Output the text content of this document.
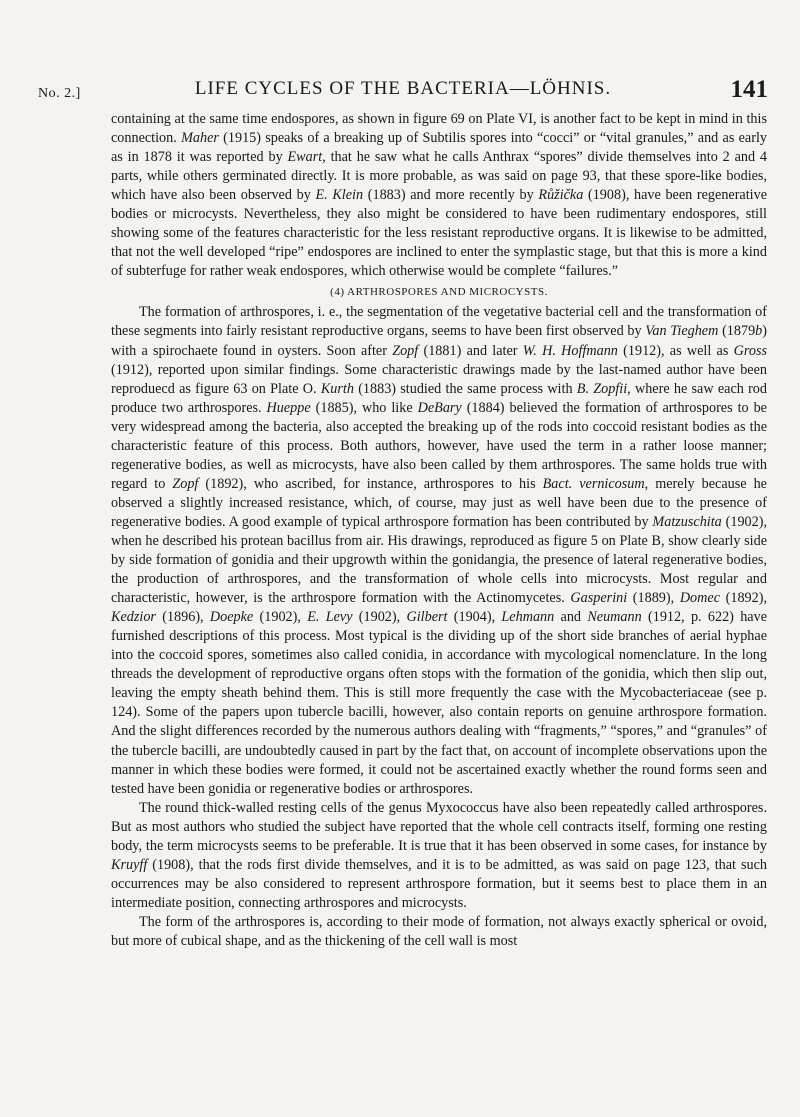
No. 2.]	LIFE CYCLES OF THE BACTERIA—LÖHNIS.	141

containing at the same time endospores, as shown in figure 69 on Plate VI, is another fact to be kept in mind in this connection. Maher (1915) speaks of a breaking up of Subtilis spores into “cocci” or “vital granules,” and as early as in 1878 it was reported by Ewart, that he saw what he calls Anthrax “spores” divide themselves into 2 and 4 parts, while others germinated directly. It is more probable, as was said on page 93, that these spore-like bodies, which have also been observed by E. Klein (1883) and more recently by Růžička (1908), have been regenerative bodies or microcysts. Nevertheless, they also might be considered to have been rudimentary endospores, still showing some of the features characteristic for the less resistant reproductive organs. It is likewise to be admitted, that not the well developed “ripe” endospores are inclined to enter the symplastic stage, but that this is more a kind of subterfuge for rather weak endospores, which otherwise would be complete “failures.”

(4) ARTHROSPORES AND MICROCYSTS.

The formation of arthrospores, i. e., the segmentation of the vegetative bacterial cell and the transformation of these segments into fairly resistant reproductive organs, seems to have been first observed by Van Tieghem (1879b) with a spirochaete found in oysters. Soon after Zopf (1881) and later W. H. Hoffmann (1912), as well as Gross (1912), reported upon similar findings. Some characteristic drawings made by the last-named author have been reproduecd as figure 63 on Plate O. Kurth (1883) studied the same process with B. Zopfii, where he saw each rod produce two arthrospores. Hueppe (1885), who like DeBary (1884) believed the formation of arthrospores to be very widespread among the bacteria, also accepted the breaking up of the rods into coccoid resistant bodies as the characteristic feature of this process. Both authors, however, have used the term in a rather loose manner; regenerative bodies, as well as microcysts, have also been called by them arthrospores. The same holds true with regard to Zopf (1892), who ascribed, for instance, arthrospores to his Bact. vernicosum, merely because he observed a slightly increased resistance, which, of course, may just as well have been due to the presence of regenerative bodies. A good example of typical arthrospore formation has been contributed by Matzuschita (1902), when he described his protean bacillus from air. His drawings, reproduced as figure 5 on Plate B, show clearly side by side formation of gonidia and their upgrowth within the gonidangia, the presence of lateral regenerative bodies, the production of arthrospores, and the transformation of whole cells into microcysts. Most regular and characteristic, however, is the arthrospore formation with the Actinomycetes. Gasperini (1889), Domec (1892), Kedzior (1896), Doepke (1902), E. Levy (1902), Gilbert (1904), Lehmann and Neumann (1912, p. 622) have furnished descriptions of this process. Most typical is the dividing up of the short side branches of aerial hyphae into the coccoid spores, sometimes also called conidia, in accordance with mycological nomenclature. In the long threads the development of reproductive organs often stops with the formation of the gonidia, which then slip out, leaving the empty sheath behind them. This is still more frequently the case with the Mycobacteriaceae (see p. 124). Some of the papers upon tubercle bacilli, however, also contain reports on genuine arthrospore formation. And the slight differences recorded by the numerous authors dealing with “fragments,” “spores,” and “granules” of the tubercle bacilli, are undoubtedly caused in part by the fact that, on account of incomplete observations upon the manner in which these bodies were formed, it could not be ascertained exactly whether the round forms seen and tested have been gonidia or regenerative bodies or arthrospores.

The round thick-walled resting cells of the genus Myxococcus have also been repeatedly called arthrospores. But as most authors who studied the subject have reported that the whole cell contracts itself, forming one resting body, the term microcysts seems to be preferable. It is true that it has been observed in some cases, for instance by Kruyff (1908), that the rods first divide themselves, and it is to be admitted, as was said on page 123, that such occurrences may be also considered to represent arthrospore formation, but it seems best to place them in an intermediate position, connecting arthrospores and microcysts.

The form of the arthrospores is, according to their mode of formation, not always exactly spherical or ovoid, but more of cubical shape, and as the thickening of the cell wall is most
